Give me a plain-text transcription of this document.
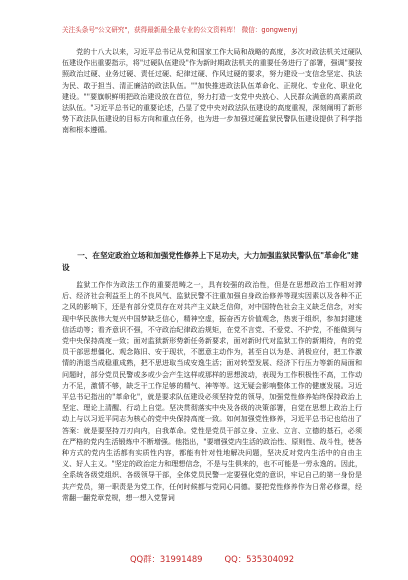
关注头条号"公文研究"，获得最新最全最专业的公文资料库！ 微信：gongwenyj

党的十八大以来，习近平总书记从党和国家工作大局和战略的高度，多次对政法机关过硬队伍建设作出重要指示，将"过硬队伍建设"作为新时期政法机关的重要任务进行了部署，强调"要按照政治过硬、业务过硬、责任过硬、纪律过硬、作风过硬的要求，努力建设一支信念坚定、执法为民、敢于担当、清正廉洁的政法队伍。""加快推进政法队伍革命化、正规化、专业化、职业化建设。""要旗帜鲜明把政治建设放在首位，努力打造一支党中央放心、人民群众满意的高素质政法队伍。"习近平总书记的重要论述，凸显了党中央对政法队伍建设的高度重视，深刻阐明了新形势下政法队伍建设的目标方向和重点任务，也为进一步加强过硬监狱民警队伍建设提供了科学指南和根本遵循。

一、在坚定政治立场和加强党性修养上下足功夫，大力加强监狱民警队伍"革命化"建设

监狱工作作为政法工作的重要范畴之一，具有较强的政治性，但是在思想政治工作相对滞后、经济社会利益至上的不良风气、监狱民警不注重加强自身政治修养等现实因素以及各种不正之风的影响下，还是有部分党员存在对共产主义缺乏信仰，对中国特色社会主义缺乏信念，对实现中华民族伟大复兴中国梦缺乏信心，精神空虚，振奋西方价值观念，热衷于组织，参加封建迷信活动等；看齐意识不强，不守政治纪律政治规矩，在党不言党、不爱党、不护党，不能做到与党中央保持高度一致；面对监狱新形势新任务新要求，面对新时代对监狱工作的新期待，有的党员干部思想僵化、观念陈旧、安于现状，不愿意主动作为，甚至自以为是、消极应付，把工作激情的消退当成稳重成熟，把不思进取当成安逸生活；面对转型发展、经济下行压力等新的局面和问题时，部分党员民警或多或少会产生这样或那样的思想波动，表现为工作积极性不高，工作动力不足，激情不够，缺乏干工作足够的精气、神等等。这无疑会影响整体工作的健康发展。习近平总书记指出的"革命化"，就是要求队伍建设必须坚持党的领导，加强党性修养始终保持政治上坚定、理论上清醒、行动上自觉。坚决贯彻落实中央及各级的决策部署，自觉在思想上政治上行动上与以习近平同志为核心的党中央保持高度一致。如何加强党性修养，习近平总书记也给出了答案：就是要坚持刀刃向内，自我革命。党性是党员干部立身、立业、立言、立德的基石，必须在严格的党内生活锻炼中不断增强。他指出，"要增强党内生活的政治性、原则性、战斗性，使各种方式的党内生活都有实质性内容，都能有针对性地解决问题，坚决反对党内生活中的自由主义、好人主义。"坚定的政治定力和理想信念，不是与生俱来的，也不可能是一劳永逸的。因此，全系统各级党组织、各级领导干部，全体党员民警一定要强化党的意识，牢记自己的第一身份是共产党员，第一职责是为党工作，任何时候都与党同心同德。要把党性修养作为日常必修课，经常翻一翻党章党规，想一想入党誓词

QQ群：31991489	QQ：535304092
